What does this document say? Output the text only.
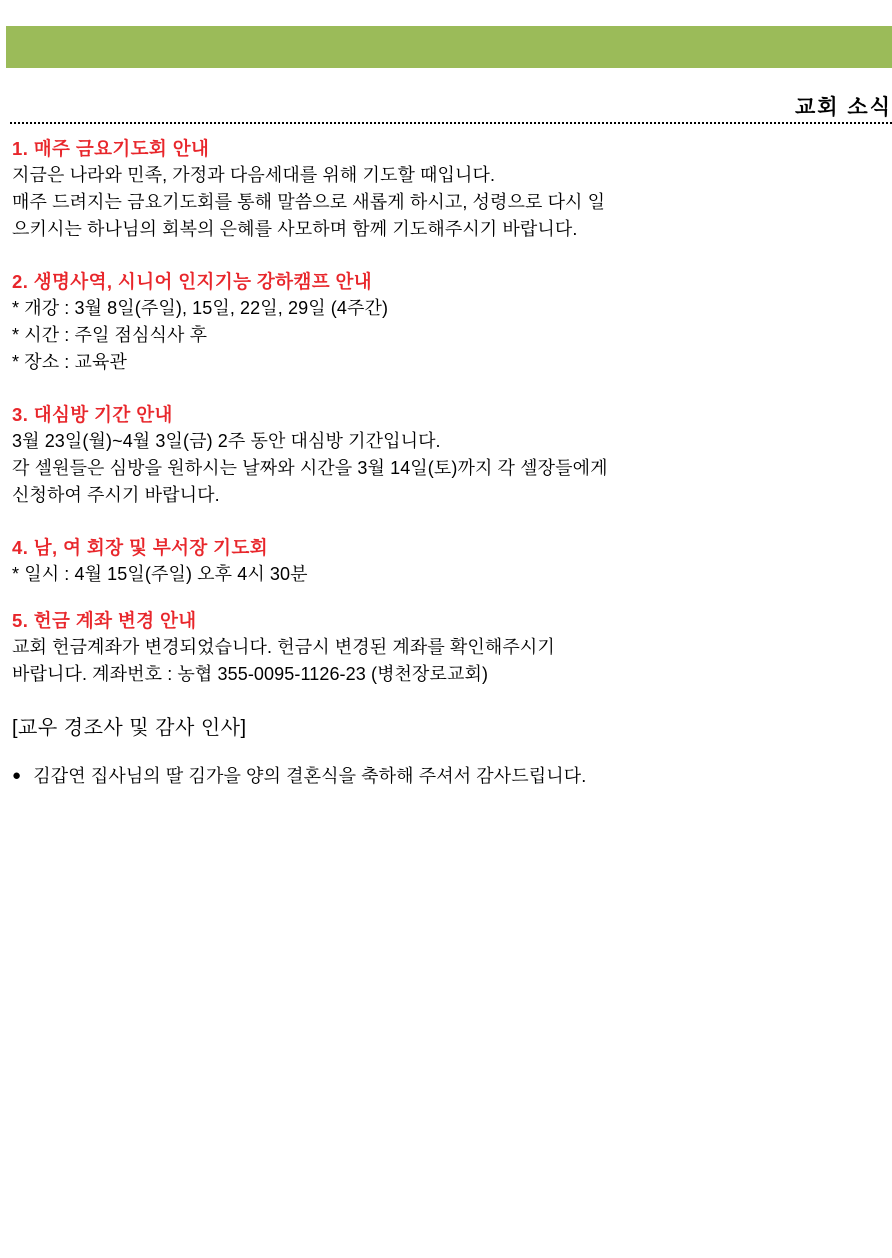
교회 소식

1. 매주 금요기도회 안내

지금은 나라와 민족, 가정과 다음세대를 위해 기도할 때입니다.

매주 드려지는 금요기도회를 통해 말씀으로 새롭게 하시고, 성령으로 다시 일

으키시는 하나님의 회복의 은혜를 사모하며 함께 기도해주시기 바랍니다.

2. 생명사역, 시니어 인지기능 강하캠프 안내

* 개강 : 3월 8일(주일), 15일, 22일, 29일 (4주간)

* 시간 : 주일 점심식사 후

* 장소 : 교육관

3. 대심방 기간 안내

3월 23일(월)~4월 3일(금) 2주 동안 대심방 기간입니다.

각 셀원들은 심방을 원하시는 날짜와 시간을 3월 14일(토)까지 각 셀장들에게

신청하여 주시기 바랍니다.

4. 남, 여 회장 및 부서장 기도회

* 일시 : 4월 15일(주일) 오후 4시 30분

5. 헌금 계좌 변경 안내

교회 헌금계좌가 변경되었습니다. 헌금시 변경된 계좌를 확인해주시기

바랍니다. 계좌번호 : 농협 355-0095-1126-23 (병천장로교회)

[교우 경조사 및 감사 인사]

● 김갑연 집사님의 딸 김가을 양의 결혼식을 축하해 주셔서 감사드립니다.
